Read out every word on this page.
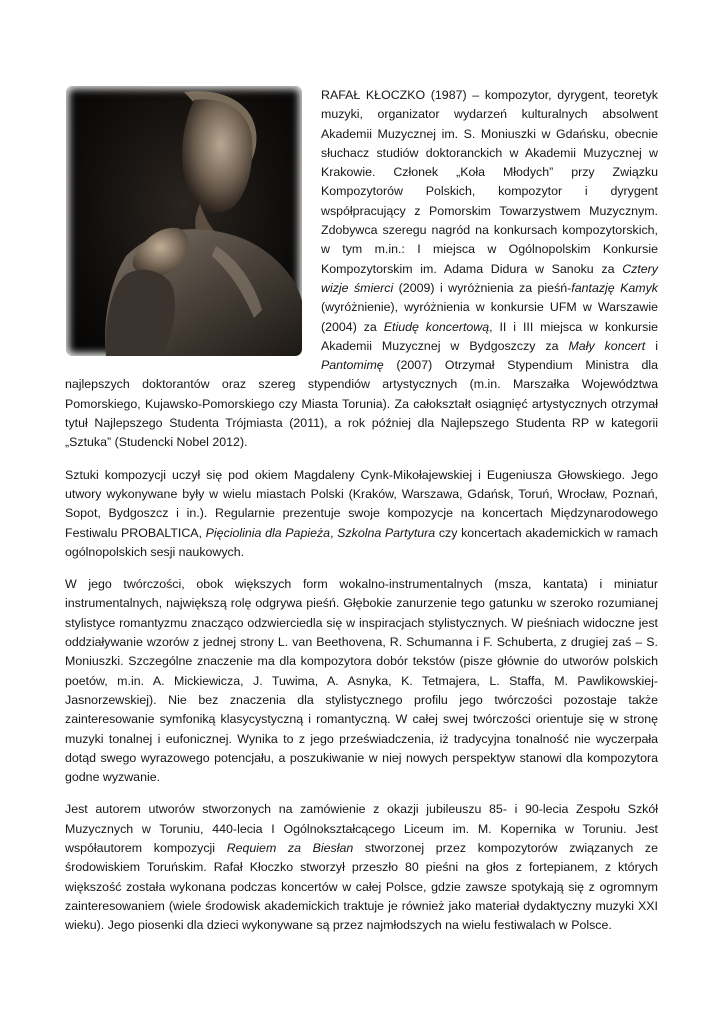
RAFAŁ KŁOCZKO (1987) – kompozytor, dyrygent, teoretyk muzyki, organizator wydarzeń kulturalnych absolwent Akademii Muzycznej im. S. Moniuszki w Gdańsku, obecnie słuchacz studiów doktoranckich w Akademii Muzycznej w Krakowie. Członek „Koła Młodych” przy Związku Kompozytorów Polskich, kompozytor i dyrygent współpracujący z Pomorskim Towarzystwem Muzycznym. Zdobywca szeregu nagród na konkursach kompozytorskich, w tym m.in.: I miejsca w Ogólnopolskim Konkursie Kompozytorskim im. Adama Didura w Sanoku za Cztery wizje śmierci (2009) i wyróżnienia za pieśń-fantazję Kamyk (wyróżnienie), wyróżnienia w konkursie UFM w Warszawie (2004) za Etiudę koncertową, II i III miejsca w konkursie Akademii Muzycznej w Bydgoszczy za Mały koncert i Pantomimę (2007) Otrzymał Stypendium Ministra dla najlepszych doktorantów oraz szereg stypendiów artystycznych (m.in. Marszałka Województwa Pomorskiego, Kujawsko-Pomorskiego czy Miasta Torunia). Za całokształt osiągnięć artystycznych otrzymał tytuł Najlepszego Studenta Trójmiasta (2011), a rok później dla Najlepszego Studenta RP w kategorii „Sztuka” (Studencki Nobel 2012).

Sztuki kompozycji uczył się pod okiem Magdaleny Cynk-Mikołajewskiej i Eugeniusza Głowskiego. Jego utwory wykonywane były w wielu miastach Polski (Kraków, Warszawa, Gdańsk, Toruń, Wrocław, Poznań, Sopot, Bydgoszcz i in.). Regularnie prezentuje swoje kompozycje na koncertach Międzynarodowego Festiwalu PROBALTICA, Pięciolinia dla Papieża, Szkolna Partytura czy koncertach akademickich w ramach ogólnopolskich sesji naukowych.

W jego twórczości, obok większych form wokalno-instrumentalnych (msza, kantata) i miniatur instrumentalnych, największą rolę odgrywa pieśń. Głębokie zanurzenie tego gatunku w szeroko rozumianej stylistyce romantyzmu znacząco odzwierciedla się w inspiracjach stylistycznych. W pieśniach widoczne jest oddziaływanie wzorów z jednej strony L. van Beethovena, R. Schumanna i F. Schuberta, z drugiej zaś – S. Moniuszki. Szczególne znaczenie ma dla kompozytora dobór tekstów (pisze głównie do utworów polskich poetów, m.in. A. Mickiewicza, J. Tuwima, A. Asnyka, K. Tetmajera, L. Staffa, M. Pawlikowskiej-Jasnorzewskiej). Nie bez znaczenia dla stylistycznego profilu jego twórczości pozostaje także zainteresowanie symfoniką klasycystyczną i romantyczną. W całej swej twórczości orientuje się w stronę muzyki tonalnej i eufonicznej. Wynika to z jego przeświadczenia, iż tradycyjna tonalność nie wyczerpała dotąd swego wyrazowego potencjału, a poszukiwanie w niej nowych perspektyw stanowi dla kompozytora godne wyzwanie.

Jest autorem utworów stworzonych na zamówienie z okazji jubileuszu 85- i 90-lecia Zespołu Szkół Muzycznych w Toruniu, 440-lecia I Ogólnokształcącego Liceum im. M. Kopernika w Toruniu. Jest współautorem kompozycji Requiem za Biesłan stworzonej przez kompozytorów związanych ze środowiskiem Toruńskim. Rafał Kłoczko stworzył przeszło 80 pieśni na głos z fortepianem, z których większość została wykonana podczas koncertów w całej Polsce, gdzie zawsze spotykają się z ogromnym zainteresowaniem (wiele środowisk akademickich traktuje je również jako materiał dydaktyczny muzyki XXI wieku). Jego piosenki dla dzieci wykonywane są przez najmłodszych na wielu festiwalach w Polsce.
